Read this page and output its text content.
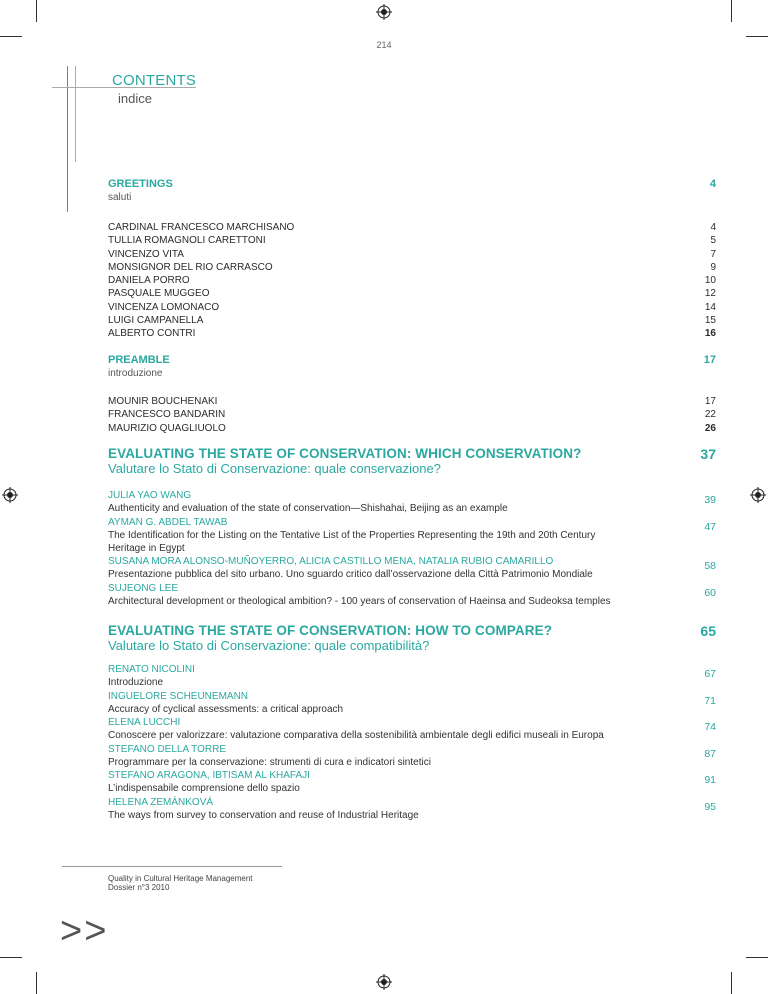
214
CONTENTS
indice
GREETINGS
saluti
4
CARDINAL FRANCESCO MARCHISANO
TULLIA ROMAGNOLI CARETTONI
VINCENZO VITA
MONSIGNOR DEL RIO CARRASCO
DANIELA PORRO
PASQUALE MUGGEO
VINCENZA LOMONACO
LUIGI CAMPANELLA
ALBERTO CONTRI
4
5
7
9
10
12
14
15
16
PREAMBLE
introduzione
17
MOUNIR BOUCHENAKI
FRANCESCO BANDARIN
MAURIZIO QUAGLIUOLO
17
22
26
EVALUATING THE STATE OF CONSERVATION: WHICH CONSERVATION?
Valutare lo Stato di Conservazione: quale conservazione?
37
JULIA YAO WANG
Authenticity and evaluation of the state of conservation—Shishahai, Beijing as an example
39
AYMAN G. ABDEL TAWAB
The Identification for the Listing on the Tentative List of the Properties Representing the 19th and 20th Century
Heritage in Egypt
47
SUSANA MORA ALONSO-MUÑOYERRO, ALICIA CASTILLO MENA, NATALIA RUBIO CAMARILLO
Presentazione pubblica del sito urbano. Uno sguardo critico dall’osservazione della Città Patrimonio Mondiale
58
SUJEONG LEE
Architectural development or theological ambition? - 100 years of conservation of Haeinsa and Sudeoksa temples
60
EVALUATING THE STATE OF CONSERVATION: HOW TO COMPARE?
Valutare lo Stato di Conservazione: quale compatibilità?
65
RENATO NICOLINI
Introduzione
67
INGUELORE SCHEUNEMANN
Accuracy of cyclical assessments: a critical approach
71
ELENA LUCCHI
Conoscere per valorizzare: valutazione comparativa della sostenibilità ambientale degli edifici museali in Europa
74
STEFANO DELLA TORRE
Programmare per la conservazione: strumenti di cura e indicatori sintetici
87
STEFANO ARAGONA, IBTISAM AL KHAFAJI
L’indispensabile comprensione dello spazio
91
HELENA ZEMÁNKOVÁ
The ways from survey to conservation and reuse of Industrial Heritage
95
Quality in Cultural Heritage Management
Dossier n°3 2010
>>
